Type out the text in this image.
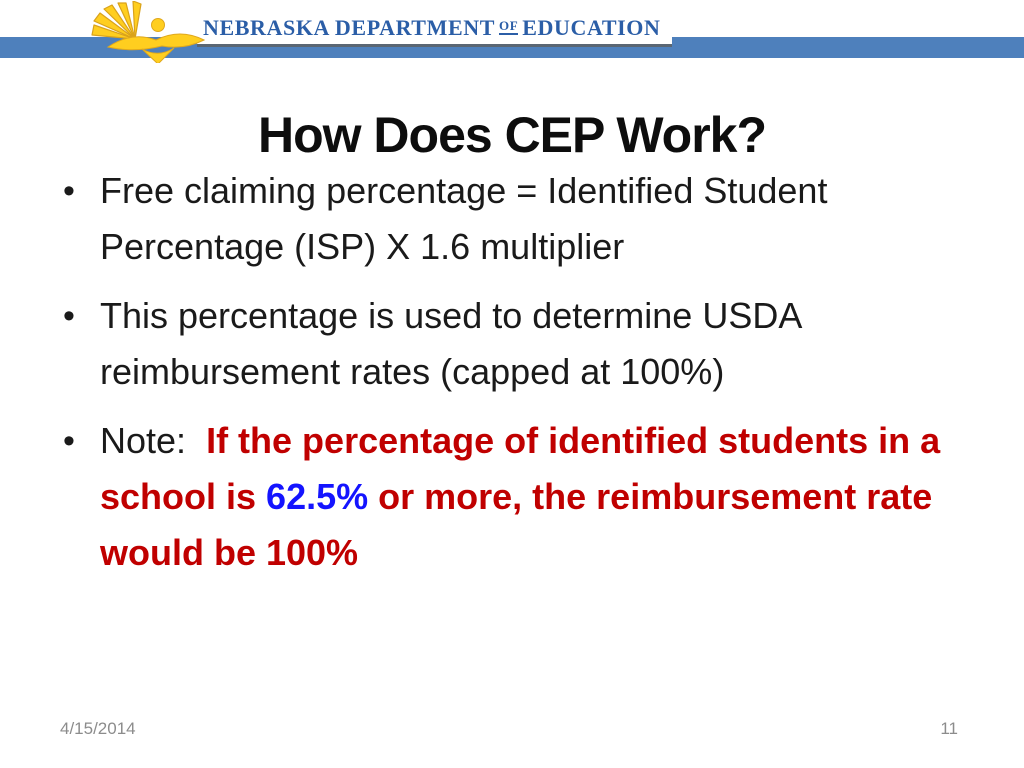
NEBRASKA DEPARTMENT $^{OF}$ EDUCATION
How Does CEP Work?
• Free claiming percentage = Identified Student Percentage (ISP) X 1.6 multiplier
• This percentage is used to determine USDA reimbursement rates (capped at 100%)
• Note:  If the percentage of identified students in a school is 62.5% or more, the reimbursement rate would be 100%
4/15/2014	11
